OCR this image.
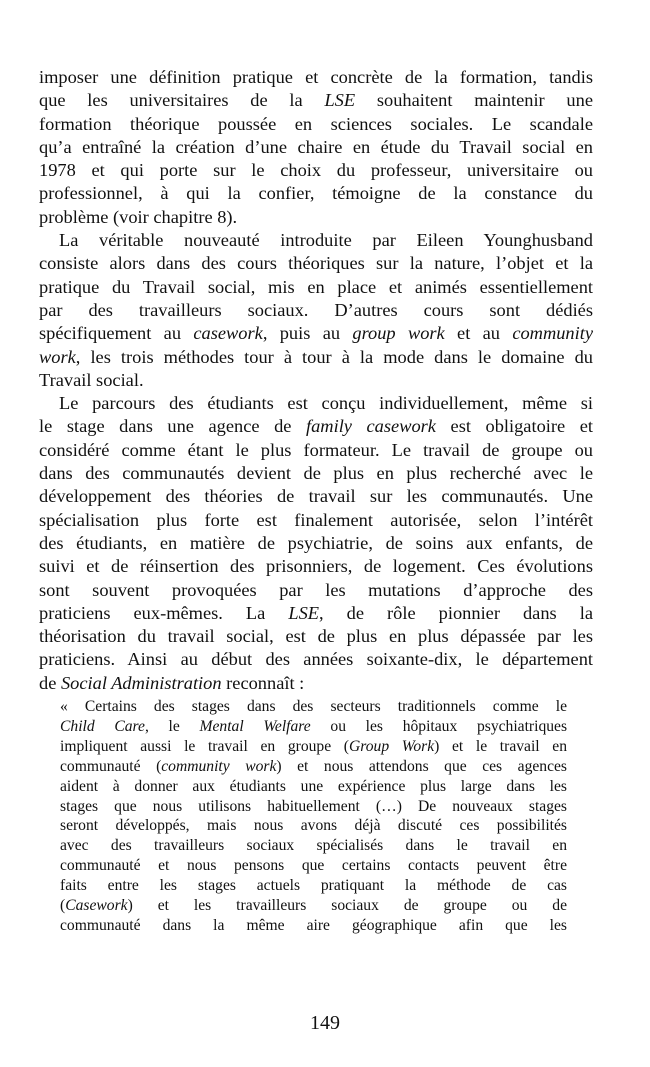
imposer une définition pratique et concrète de la formation, tandis
que les universitaires de la LSE souhaitent maintenir une
formation théorique poussée en sciences sociales. Le scandale
qu’a entraîné la création d’une chaire en étude du Travail social en
1978 et qui porte sur le choix du professeur, universitaire ou
professionnel, à qui la confier, témoigne de la constance du
problème (voir chapitre 8).

La véritable nouveauté introduite par Eileen Younghusband
consiste alors dans des cours théoriques sur la nature, l’objet et la
pratique du Travail social, mis en place et animés essentiellement
par des travailleurs sociaux. D’autres cours sont dédiés
spécifiquement au casework, puis au group work et au community
work, les trois méthodes tour à tour à la mode dans le domaine du
Travail social.

Le parcours des étudiants est conçu individuellement, même si
le stage dans une agence de family casework est obligatoire et
considéré comme étant le plus formateur. Le travail de groupe ou
dans des communautés devient de plus en plus recherché avec le
développement des théories de travail sur les communautés. Une
spécialisation plus forte est finalement autorisée, selon l’intérêt
des étudiants, en matière de psychiatrie, de soins aux enfants, de
suivi et de réinsertion des prisonniers, de logement. Ces évolutions
sont souvent provoquées par les mutations d’approche des
praticiens eux-mêmes. La LSE, de rôle pionnier dans la
théorisation du travail social, est de plus en plus dépassée par les
praticiens. Ainsi au début des années soixante-dix, le département
de Social Administration reconnaît :

« Certains des stages dans des secteurs traditionnels comme le
Child Care, le Mental Welfare ou les hôpitaux psychiatriques
impliquent aussi le travail en groupe (Group Work) et le travail en
communauté (community work) et nous attendons que ces agences
aident à donner aux étudiants une expérience plus large dans les
stages que nous utilisons habituellement (…) De nouveaux stages
seront développés, mais nous avons déjà discuté ces possibilités
avec des travailleurs sociaux spécialisés dans le travail en
communauté et nous pensons que certains contacts peuvent être
faits entre les stages actuels pratiquant la méthode de cas
(Casework) et les travailleurs sociaux de groupe ou de
communauté dans la même aire géographique afin que les
149
